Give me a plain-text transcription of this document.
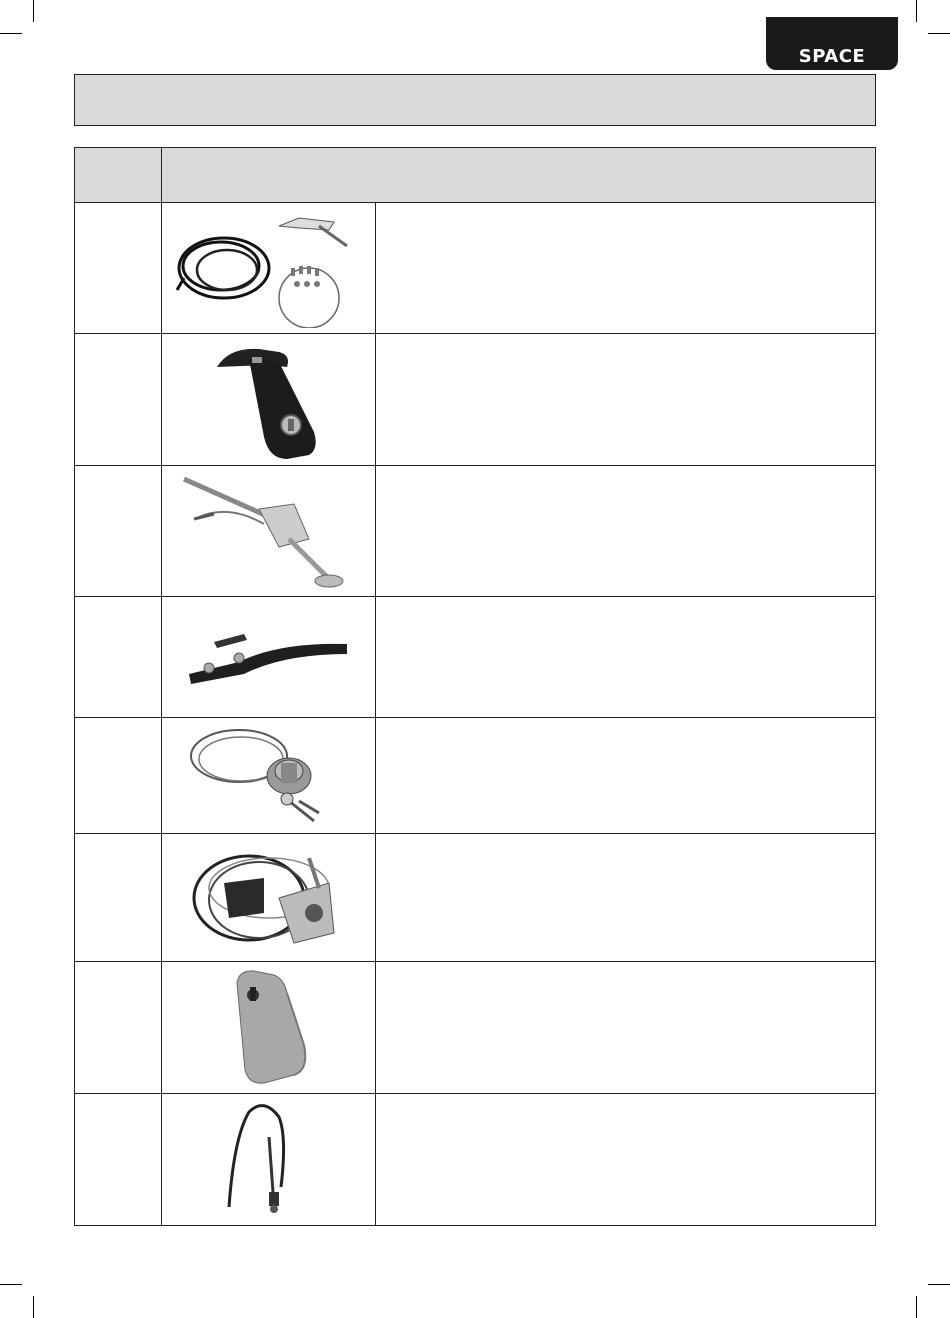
SPACE
